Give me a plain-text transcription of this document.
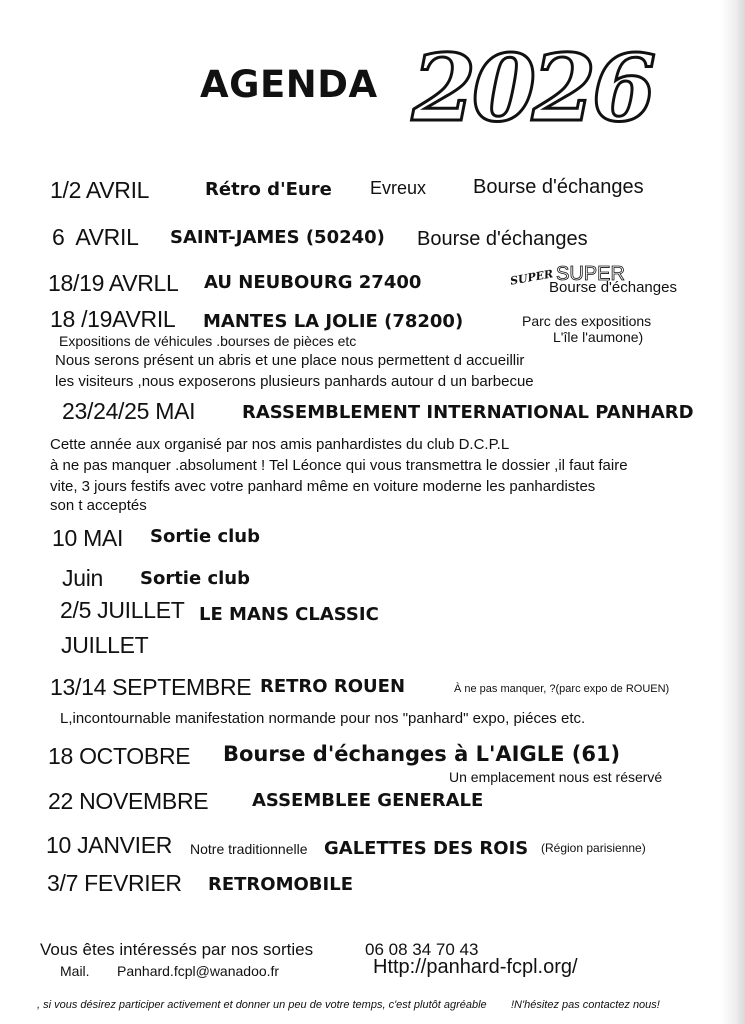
AGENDA 2026
1/2 AVRIL	Rétro d'Eure Evreux Bourse d'échanges
6 AVRIL SAINT-JAMES (50240) Bourse d'échanges
18/19 AVRLL AU NEUBOURG 27400	SUPER SUPER
Bourse d'échanges
18 /19AVRIL MANTES LA JOLIE (78200)	Parc des expositions
L'île l'aumone)
Expositions de véhicules .bourses de pièces etc
Nous serons présent un abris et une place nous permettent d accueillir
les visiteurs ,nous exposerons plusieurs panhards autour d un barbecue
23/24/25 MAI	RASSEMBLEMENT INTERNATIONAL PANHARD
Cette année aux organisé par nos amis panhardistes du club D.C.P.L
à ne pas manquer .absolument ! Tel Léonce qui vous transmettra le dossier ,il faut faire
vite, 3 jours festifs avec votre panhard même en voiture moderne les panhardistes
son t acceptés
10 MAI Sortie club
Juin Sortie club
2/5 JUILLET LE MANS CLASSIC
JUILLET
13/14 SEPTEMBRE RETRO ROUEN	À ne pas manquer, ?(parc expo de ROUEN)
L,incontournable manifestation normande pour nos "panhard" expo, piéces etc.
18 OCTOBRE Bourse d'échanges à L'AIGLE (61)
Un emplacement nous est réservé
22 NOVEMBRE ASSEMBLEE GENERALE
10 JANVIER Notre traditionnelle GALETTES DES ROIS (Région parisienne)
3/7 FEVRIER RETROMOBILE
Vous êtes intéressés par nos sorties	06 08 34 70 43
Mail. Panhard.fcpl@wanadoo.fr	Http://panhard-fcpl.org/
, si vous désirez participer activement et donner un peu de votre temps, c'est plutôt agréable !N'hésitez pas contactez nous!
